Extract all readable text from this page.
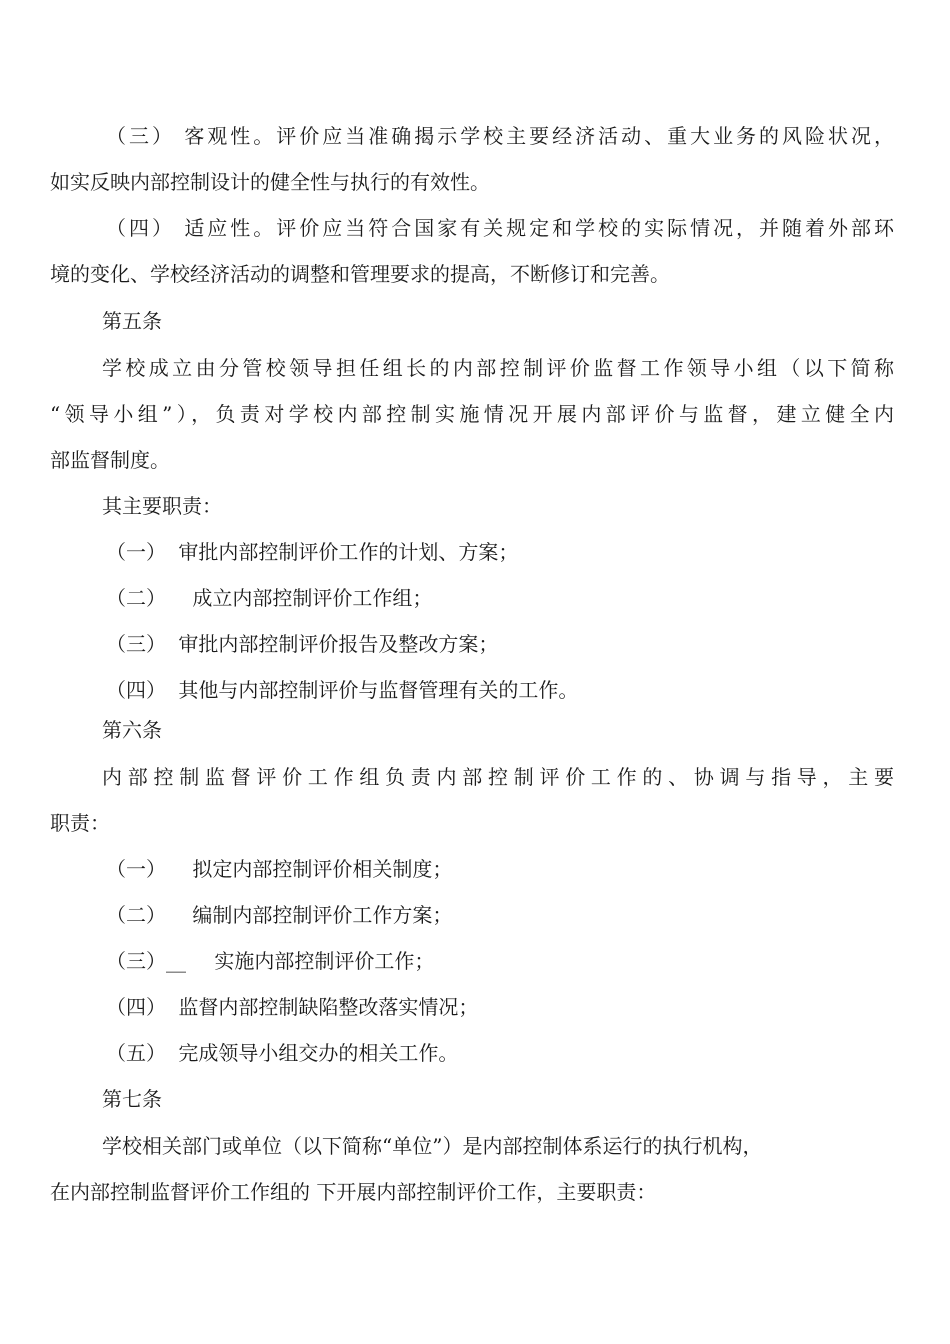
（三） 客观性。评价应当准确揭示学校主要经济活动、重大业务的风险状况，
如实反映内部控制设计的健全性与执行的有效性。
（四） 适应性。评价应当符合国家有关规定和学校的实际情况，并随着外部环
境的变化、学校经济活动的调整和管理要求的提高，不断修订和完善。
第五条
学校成立由分管校领导担任组长的内部控制评价监督工作领导小组（以下简称
“领导小组”），负责对学校内部控制实施情况开展内部评价与监督，建立健全内
部监督制度。
其主要职责：
（一） 审批内部控制评价工作的计划、方案；
（二） 成立内部控制评价工作组；
（三） 审批内部控制评价报告及整改方案；
（四） 其他与内部控制评价与监督管理有关的工作。
第六条
内部控制监督评价工作组负责内部控制评价工作的、协调与指导，主要
职责：
（一） 拟定内部控制评价相关制度；
（二） 编制内部控制评价工作方案；
（三）__ 实施内部控制评价工作；
（四） 监督内部控制缺陷整改落实情况；
（五） 完成领导小组交办的相关工作。
第七条
学校相关部门或单位（以下简称“单位”）是内部控制体系运行的执行机构，
在内部控制监督评价工作组的 下开展内部控制评价工作，主要职责：
